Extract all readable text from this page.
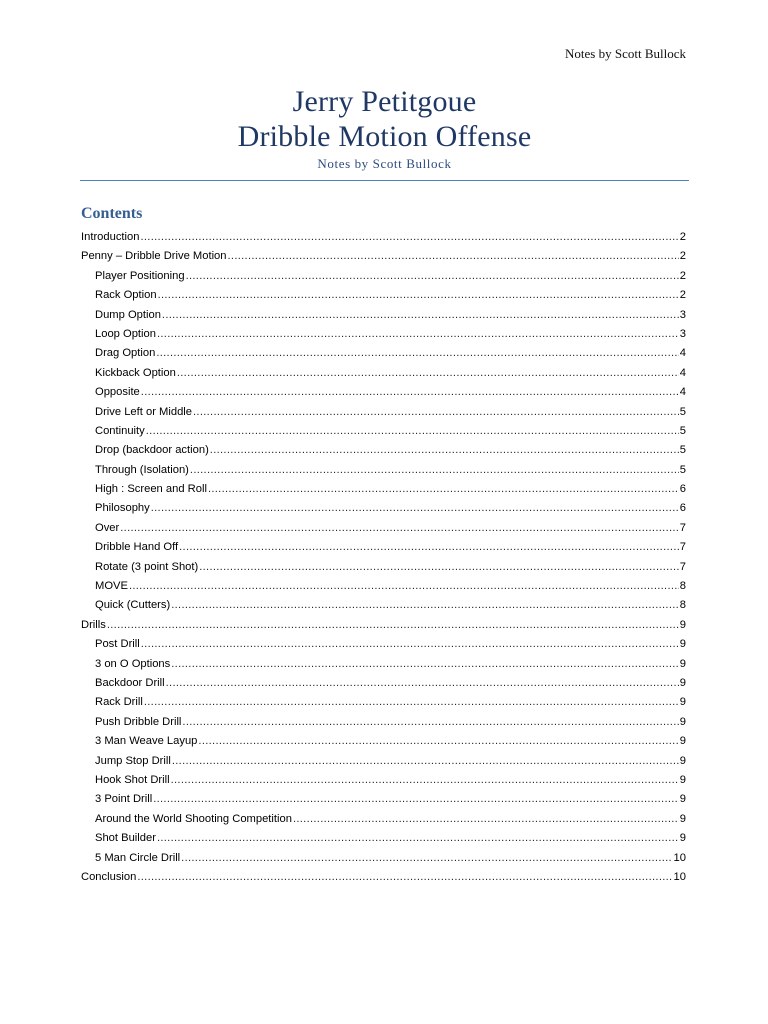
Notes by Scott Bullock
Jerry Petitgoue
Dribble Motion Offense
Notes by Scott Bullock
Contents
Introduction .....	2
Penny – Dribble Drive Motion .....	2
Player Positioning .....	2
Rack Option .....	2
Dump Option .....	3
Loop Option .....	3
Drag Option .....	4
Kickback Option .....	4
Opposite .....	4
Drive Left or Middle .....	5
Continuity .....	5
Drop (backdoor action) .....	5
Through (Isolation) .....	5
High : Screen and Roll .....	6
Philosophy .....	6
Over .....	7
Dribble Hand Off .....	7
Rotate (3 point Shot) .....	7
MOVE .....	8
Quick (Cutters) .....	8
Drills .....	9
Post Drill .....	9
3 on O Options .....	9
Backdoor Drill .....	9
Rack Drill .....	9
Push Dribble Drill .....	9
3 Man Weave Layup .....	9
Jump Stop Drill .....	9
Hook Shot Drill .....	9
3 Point Drill .....	9
Around the World Shooting Competition .....	9
Shot Builder .....	9
5 Man Circle Drill .....	10
Conclusion .....	10
